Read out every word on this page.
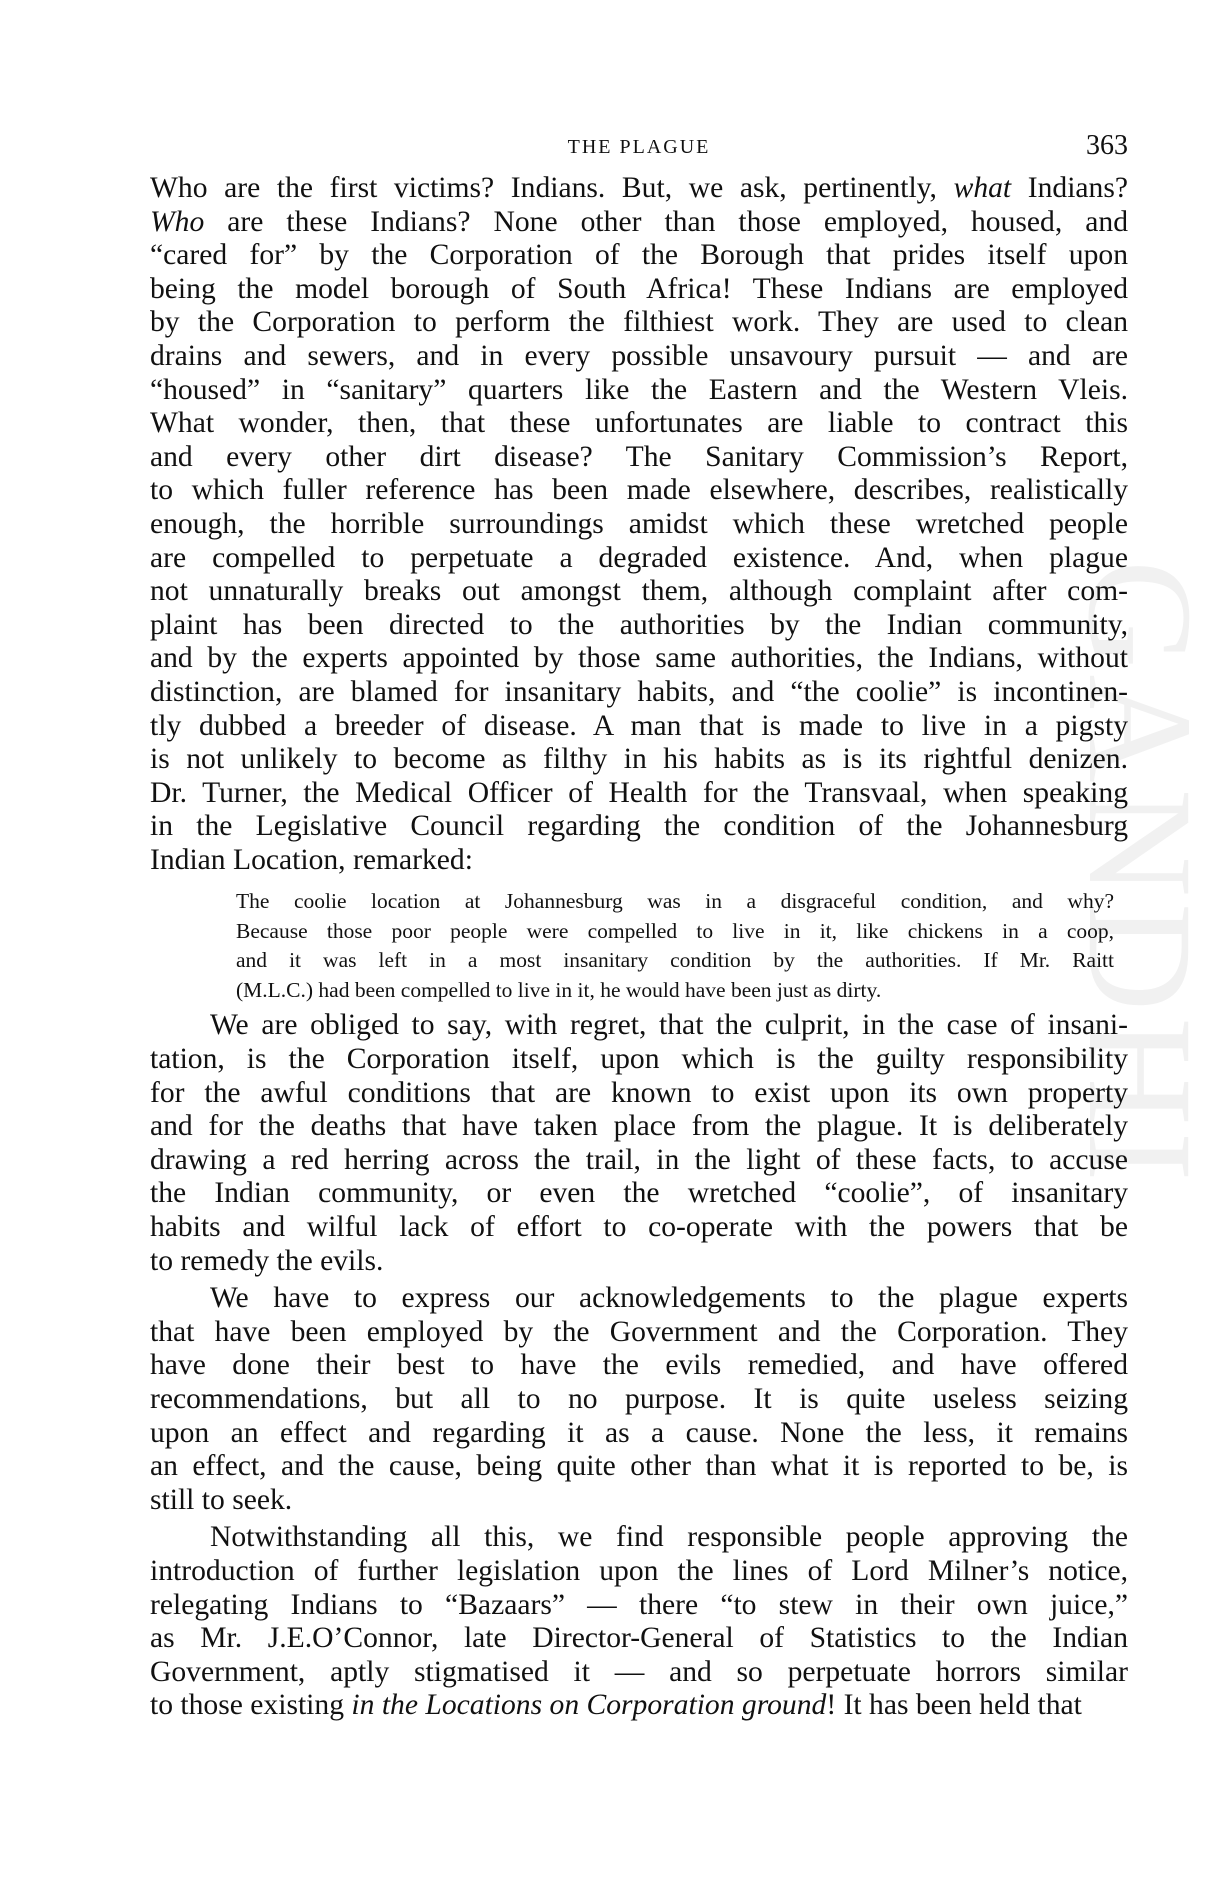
GANDHI
THE PLAGUE	363

Who are the first victims? Indians. But, we ask, pertinently, what Indians?
Who are these Indians? None other than those employed, housed, and
“cared for” by the Corporation of the Borough that prides itself upon
being the model borough of South Africa! These Indians are employed
by the Corporation to perform the filthiest work. They are used to clean
drains and sewers, and in every possible unsavoury pursuit — and are
“housed” in “sanitary” quarters like the Eastern and the Western Vleis.
What wonder, then, that these unfortunates are liable to contract this
and every other dirt disease? The Sanitary Commission’s Report,
to which fuller reference has been made elsewhere, describes, realistically
enough, the horrible surroundings amidst which these wretched people
are compelled to perpetuate a degraded existence. And, when plague
not unnaturally breaks out amongst them, although complaint after com-
plaint has been directed to the authorities by the Indian community,
and by the experts appointed by those same authorities, the Indians, without
distinction, are blamed for insanitary habits, and “the coolie” is incontinen-
tly dubbed a breeder of disease. A man that is made to live in a pigsty
is not unlikely to become as filthy in his habits as is its rightful denizen.
Dr. Turner, the Medical Officer of Health for the Transvaal, when speaking
in the Legislative Council regarding the condition of the Johannesburg
Indian Location, remarked:

The coolie location at Johannesburg was in a disgraceful condition, and why?
Because those poor people were compelled to live in it, like chickens in a coop,
and it was left in a most insanitary condition by the authorities. If Mr. Raitt
(M.L.C.) had been compelled to live in it, he would have been just as dirty.

We are obliged to say, with regret, that the culprit, in the case of insani-
tation, is the Corporation itself, upon which is the guilty responsibility
for the awful conditions that are known to exist upon its own property
and for the deaths that have taken place from the plague. It is deliberately
drawing a red herring across the trail, in the light of these facts, to accuse
the Indian community, or even the wretched “coolie”, of insanitary
habits and wilful lack of effort to co-operate with the powers that be
to remedy the evils.

We have to express our acknowledgements to the plague experts
that have been employed by the Government and the Corporation. They
have done their best to have the evils remedied, and have offered
recommendations, but all to no purpose. It is quite useless seizing
upon an effect and regarding it as a cause. None the less, it remains
an effect, and the cause, being quite other than what it is reported to be, is
still to seek.

Notwithstanding all this, we find responsible people approving the
introduction of further legislation upon the lines of Lord Milner’s notice,
relegating Indians to “Bazaars” — there “to stew in their own juice,”
as Mr. J.E.O’Connor, late Director-General of Statistics to the Indian
Government, aptly stigmatised it — and so perpetuate horrors similar
to those existing in the Locations on Corporation ground! It has been held that
